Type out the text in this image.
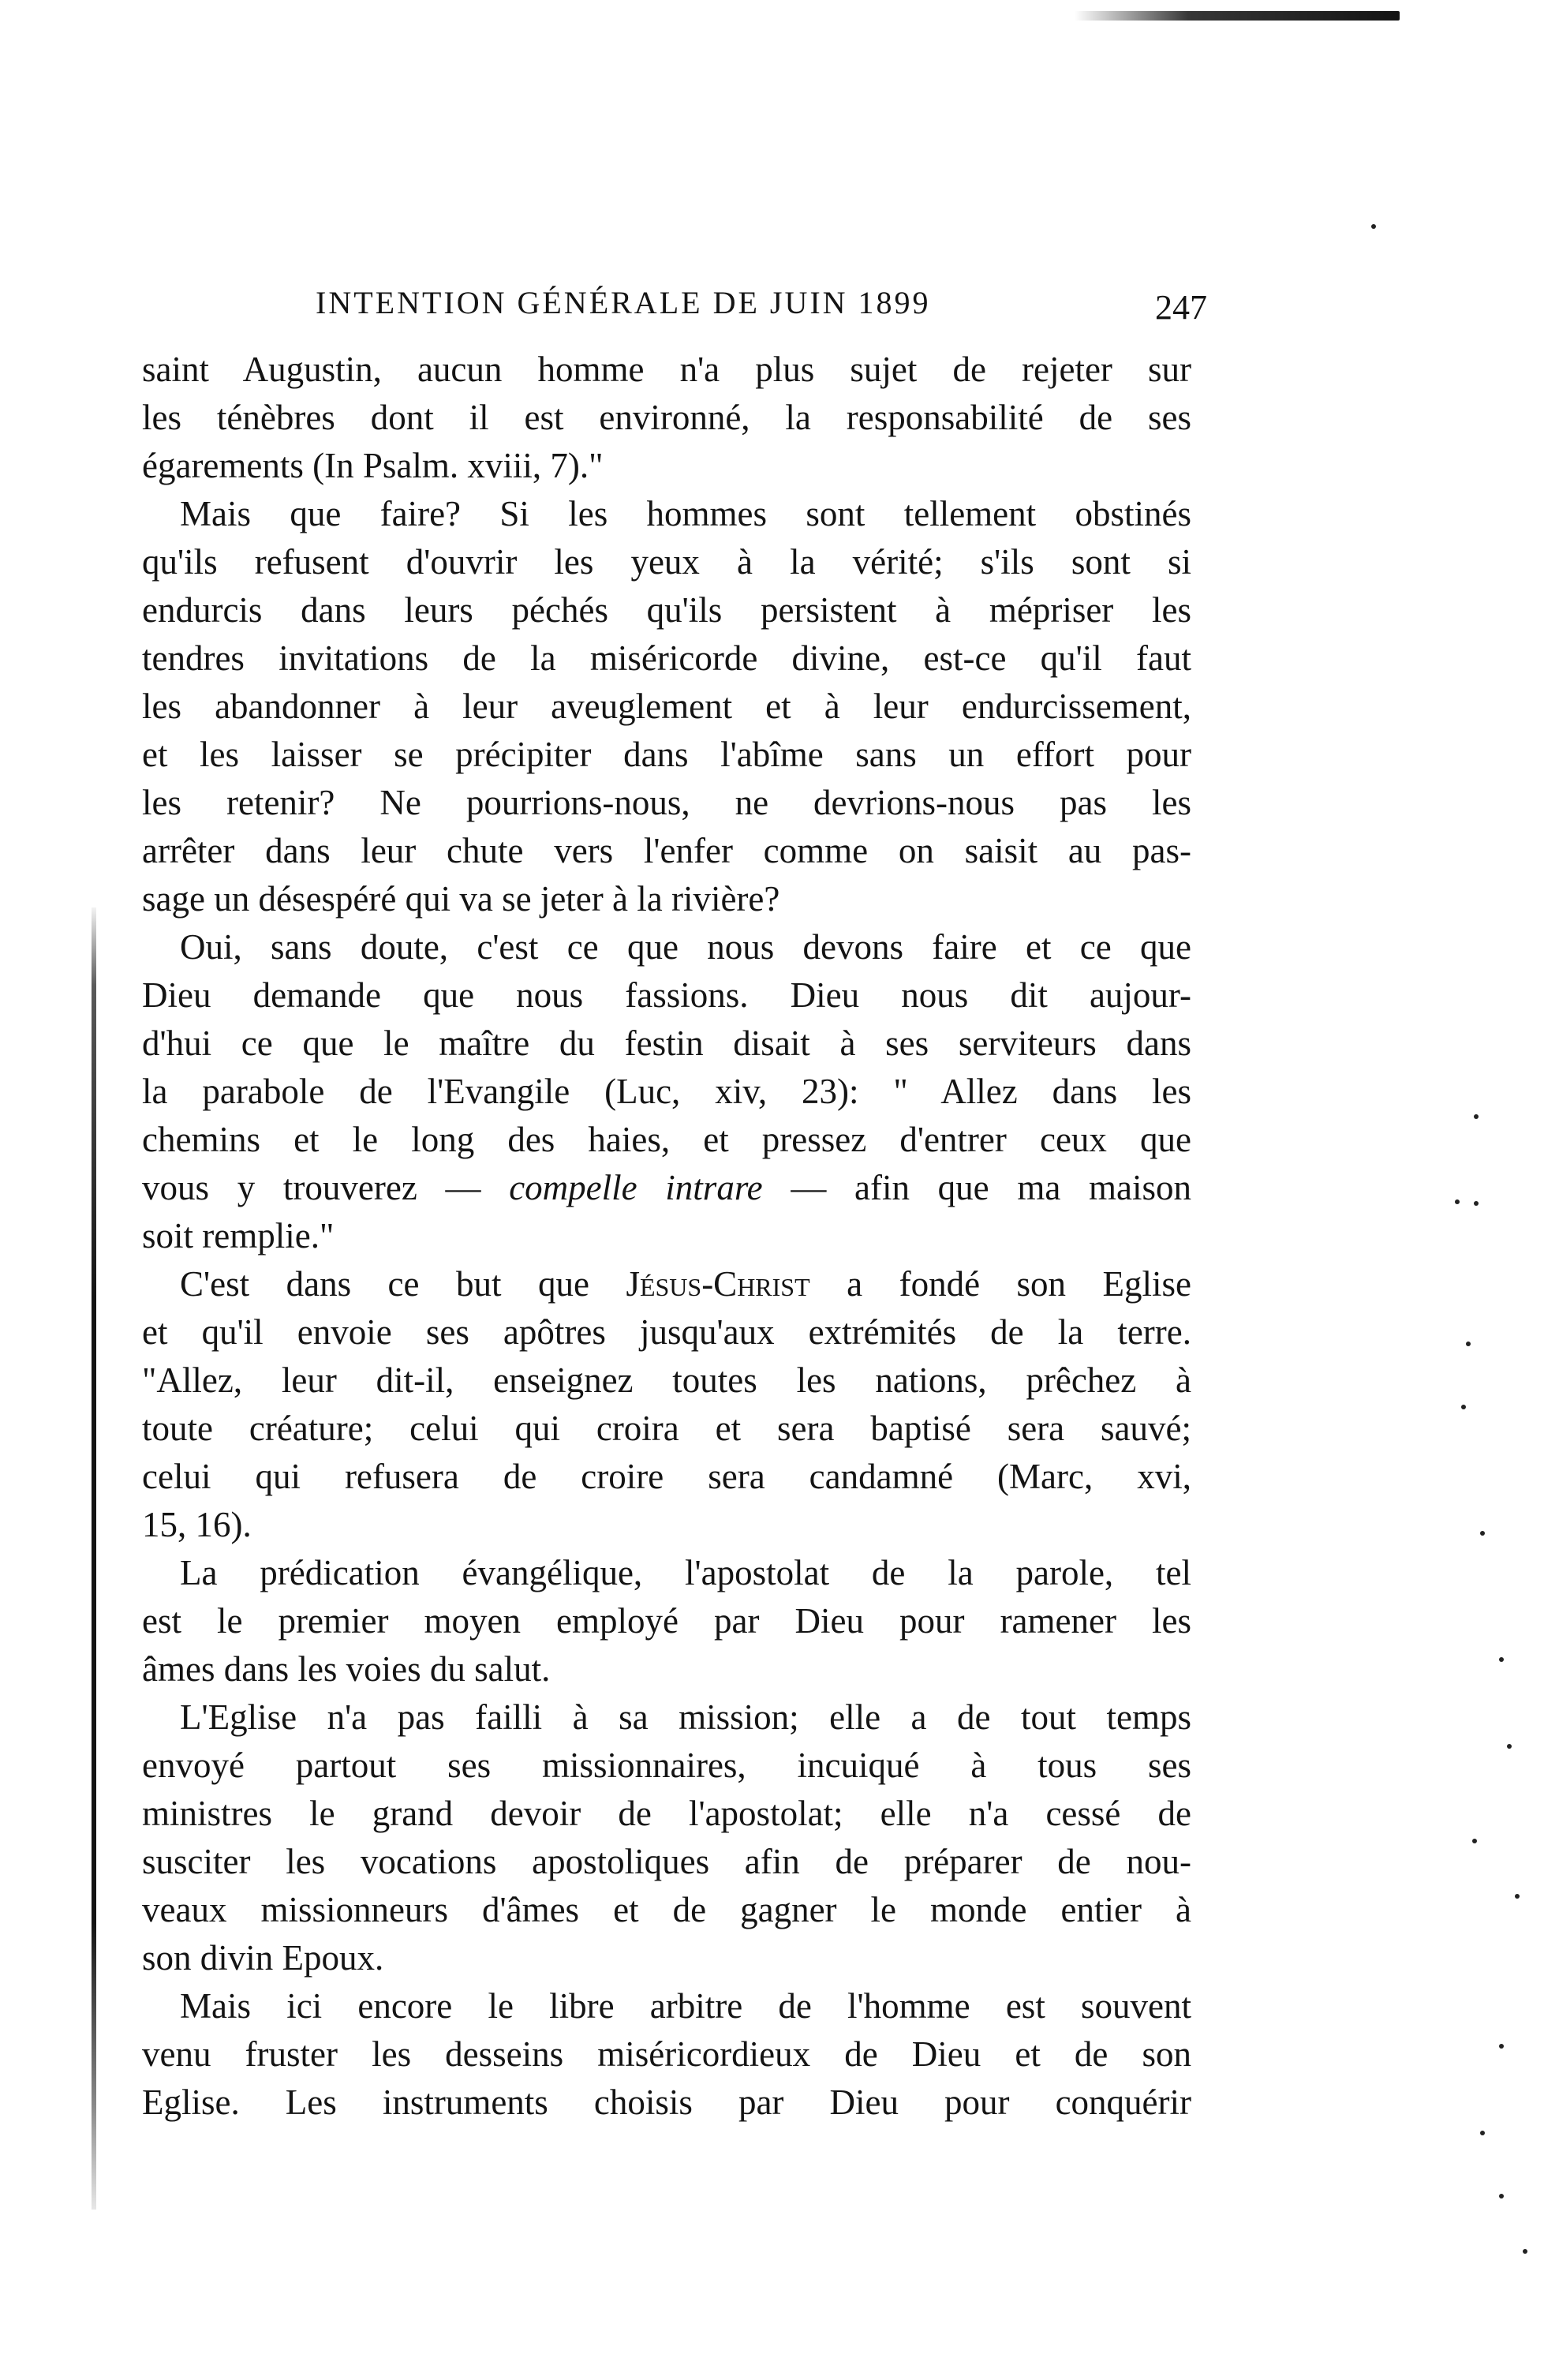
INTENTION GÉNÉRALE DE JUIN 1899	247
saint Augustin, aucun homme n'a plus sujet de rejeter sur
les ténèbres dont il est environné, la responsabilité de ses
égarements (In Psalm. xviii, 7)."
Mais que faire? Si les hommes sont tellement obstinés
qu'ils refusent d'ouvrir les yeux à la vérité; s'ils sont si
endurcis dans leurs péchés qu'ils persistent à mépriser les
tendres invitations de la miséricorde divine, est-ce qu'il faut
les abandonner à leur aveuglement et à leur endurcissement,
et les laisser se précipiter dans l'abîme sans un effort pour
les retenir? Ne pourrions-nous, ne devrions-nous pas les
arrêter dans leur chute vers l'enfer comme on saisit au pas-
sage un désespéré qui va se jeter à la rivière?
Oui, sans doute, c'est ce que nous devons faire et ce que
Dieu demande que nous fassions. Dieu nous dit aujour-
d'hui ce que le maître du festin disait à ses serviteurs dans
la parabole de l'Evangile (Luc, xiv, 23): " Allez dans les
chemins et le long des haies, et pressez d'entrer ceux que
vous y trouverez — compelle intrare — afin que ma maison
soit remplie."
C'est dans ce but que Jésus-Christ a fondé son Eglise
et qu'il envoie ses apôtres jusqu'aux extrémités de la terre.
"Allez, leur dit-il, enseignez toutes les nations, prêchez à
toute créature; celui qui croira et sera baptisé sera sauvé;
celui qui refusera de croire sera candamné (Marc, xvi,
15, 16).
La prédication évangélique, l'apostolat de la parole, tel
est le premier moyen employé par Dieu pour ramener les
âmes dans les voies du salut.
L'Eglise n'a pas failli à sa mission; elle a de tout temps
envoyé partout ses missionnaires, incuiqué à tous ses
ministres le grand devoir de l'apostolat; elle n'a cessé de
susciter les vocations apostoliques afin de préparer de nou-
veaux missionneurs d'âmes et de gagner le monde entier à
son divin Epoux.
Mais ici encore le libre arbitre de l'homme est souvent
venu fruster les desseins miséricordieux de Dieu et de son
Eglise. Les instruments choisis par Dieu pour conquérir
